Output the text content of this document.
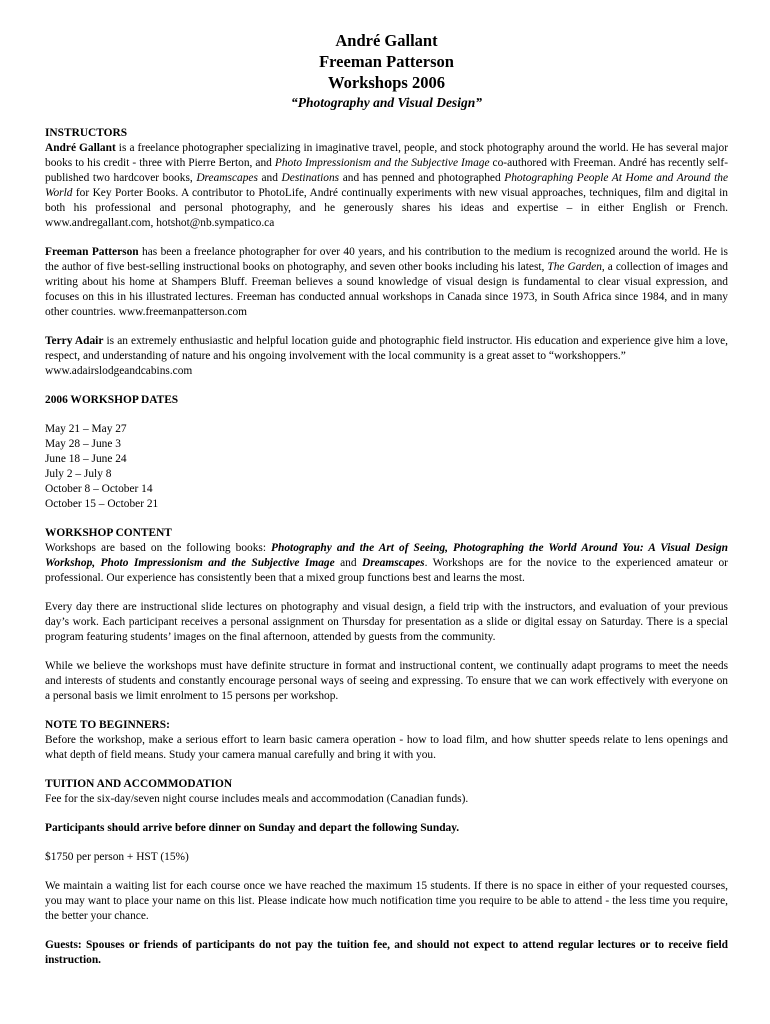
André Gallant
Freeman Patterson
Workshops 2006
“Photography and Visual Design”
INSTRUCTORS

André Gallant is a freelance photographer specializing in imaginative travel, people, and stock photography around the world. He has several major books to his credit - three with Pierre Berton, and Photo Impressionism and the Subjective Image co-authored with Freeman. André has recently self-published two hardcover books, Dreamscapes and Destinations and has penned and photographed Photographing People At Home and Around the World for Key Porter Books. A contributor to PhotoLife, André continually experiments with new visual approaches, techniques, film and digital in both his professional and personal photography, and he generously shares his ideas and expertise – in either English or French. www.andregallant.com, hotshot@nb.sympatico.ca

Freeman Patterson has been a freelance photographer for over 40 years, and his contribution to the medium is recognized around the world. He is the author of five best-selling instructional books on photography, and seven other books including his latest, The Garden, a collection of images and writing about his home at Shampers Bluff. Freeman believes a sound knowledge of visual design is fundamental to clear visual expression, and focuses on this in his illustrated lectures. Freeman has conducted annual workshops in Canada since 1973, in South Africa since 1984, and in many other countries. www.freemanpatterson.com

Terry Adair is an extremely enthusiastic and helpful location guide and photographic field instructor. His education and experience give him a love, respect, and understanding of nature and his ongoing involvement with the local community is a great asset to “workshoppers.”

www.adairslodgeandcabins.com
2006 WORKSHOP DATES
May 21 – May 27
May 28 – June 3
June 18 – June 24
July 2 – July 8
October 8 – October 14
October 15 – October 21
WORKSHOP CONTENT

Workshops are based on the following books: Photography and the Art of Seeing, Photographing the World Around You: A Visual Design Workshop, Photo Impressionism and the Subjective Image and Dreamscapes. Workshops are for the novice to the experienced amateur or professional. Our experience has consistently been that a mixed group functions best and learns the most.

Every day there are instructional slide lectures on photography and visual design, a field trip with the instructors, and evaluation of your previous day’s work. Each participant receives a personal assignment on Thursday for presentation as a slide or digital essay on Saturday. There is a special program featuring students’ images on the final afternoon, attended by guests from the community.

While we believe the workshops must have definite structure in format and instructional content, we continually adapt programs to meet the needs and interests of students and constantly encourage personal ways of seeing and expressing. To ensure that we can work effectively with everyone on a personal basis we limit enrolment to 15 persons per workshop.

NOTE TO BEGINNERS:

Before the workshop, make a serious effort to learn basic camera operation - how to load film, and how shutter speeds relate to lens openings and what depth of field means. Study your camera manual carefully and bring it with you.

TUITION AND ACCOMMODATION

Fee for the six-day/seven night course includes meals and accommodation (Canadian funds).

Participants should arrive before dinner on Sunday and depart the following Sunday.

$1750 per person + HST (15%)

We maintain a waiting list for each course once we have reached the maximum 15 students. If there is no space in either of your requested courses, you may want to place your name on this list. Please indicate how much notification time you require to be able to attend - the less time you require, the better your chance.

Guests: Spouses or friends of participants do not pay the tuition fee, and should not expect to attend regular lectures or to receive field instruction.
